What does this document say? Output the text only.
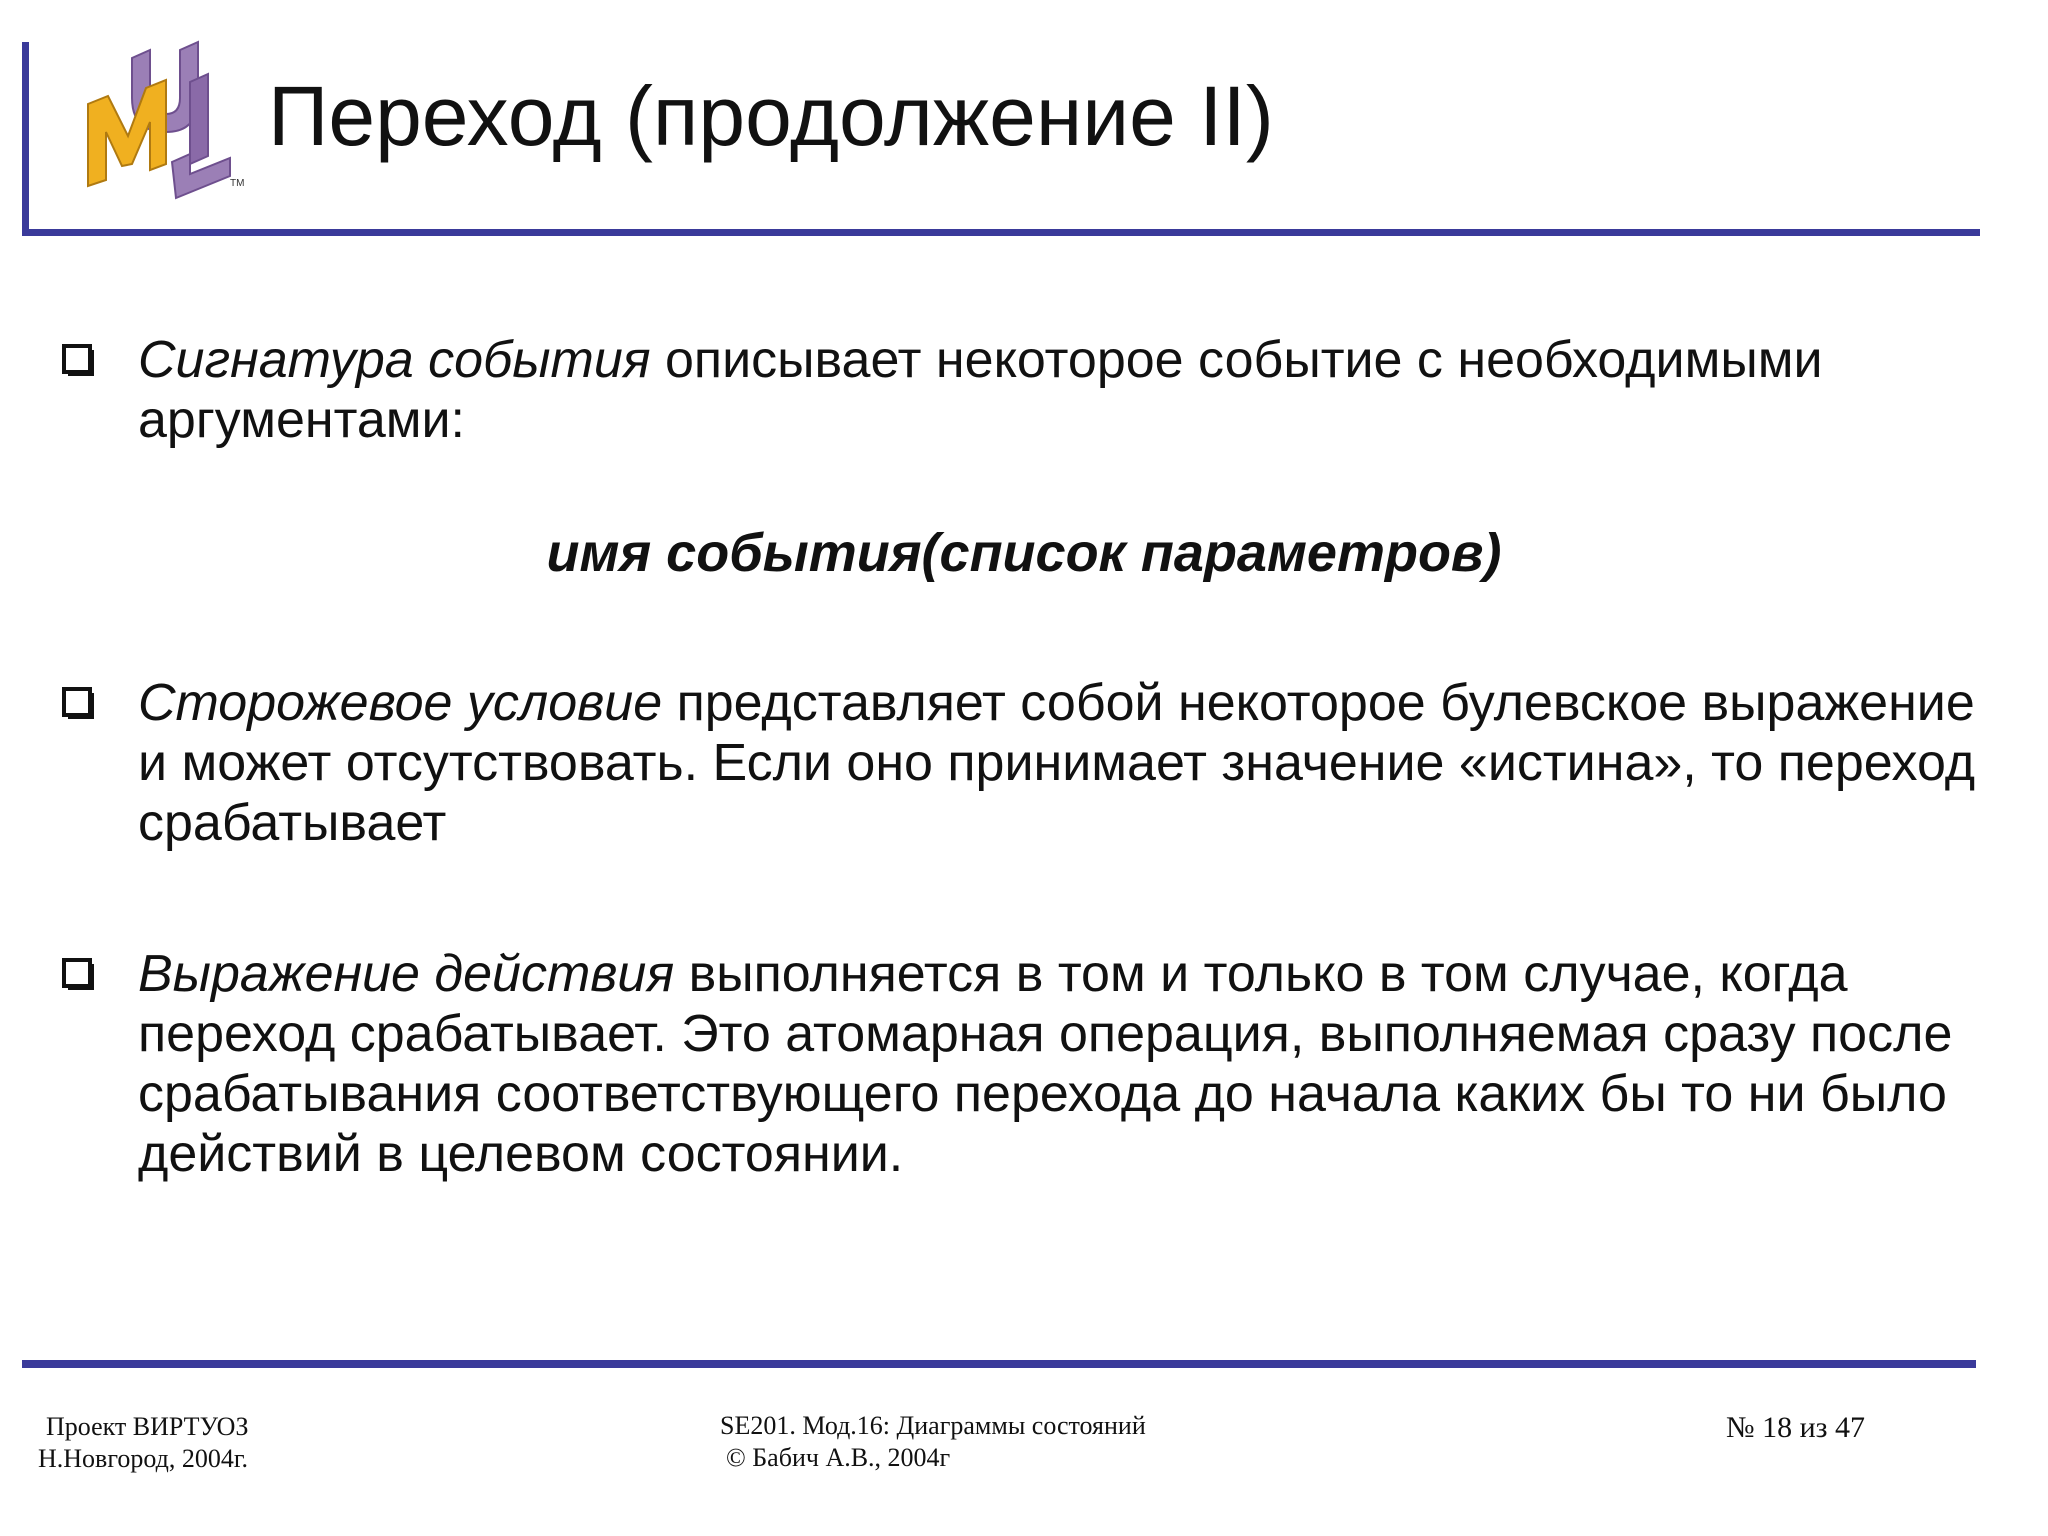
TM
Переход (продолжение II)
Сигнатура события описывает некоторое событие с необходимыми аргументами:
имя события(список параметров)
Сторожевое условие представляет собой некоторое булевское выражение и может отсутствовать. Если оно принимает значение «истина», то переход срабатывает
Выражение действия выполняется в том и только в том случае, когда переход срабатывает. Это атомарная операция, выполняемая сразу после срабатывания соответствующего перехода до начала каких бы то ни было действий в целевом состоянии.
Проект ВИРТУОЗ
Н.Новгород, 2004г.
SE201. Мод.16: Диаграммы состояний
© Бабич А.В., 2004г
№ 18 из 47
